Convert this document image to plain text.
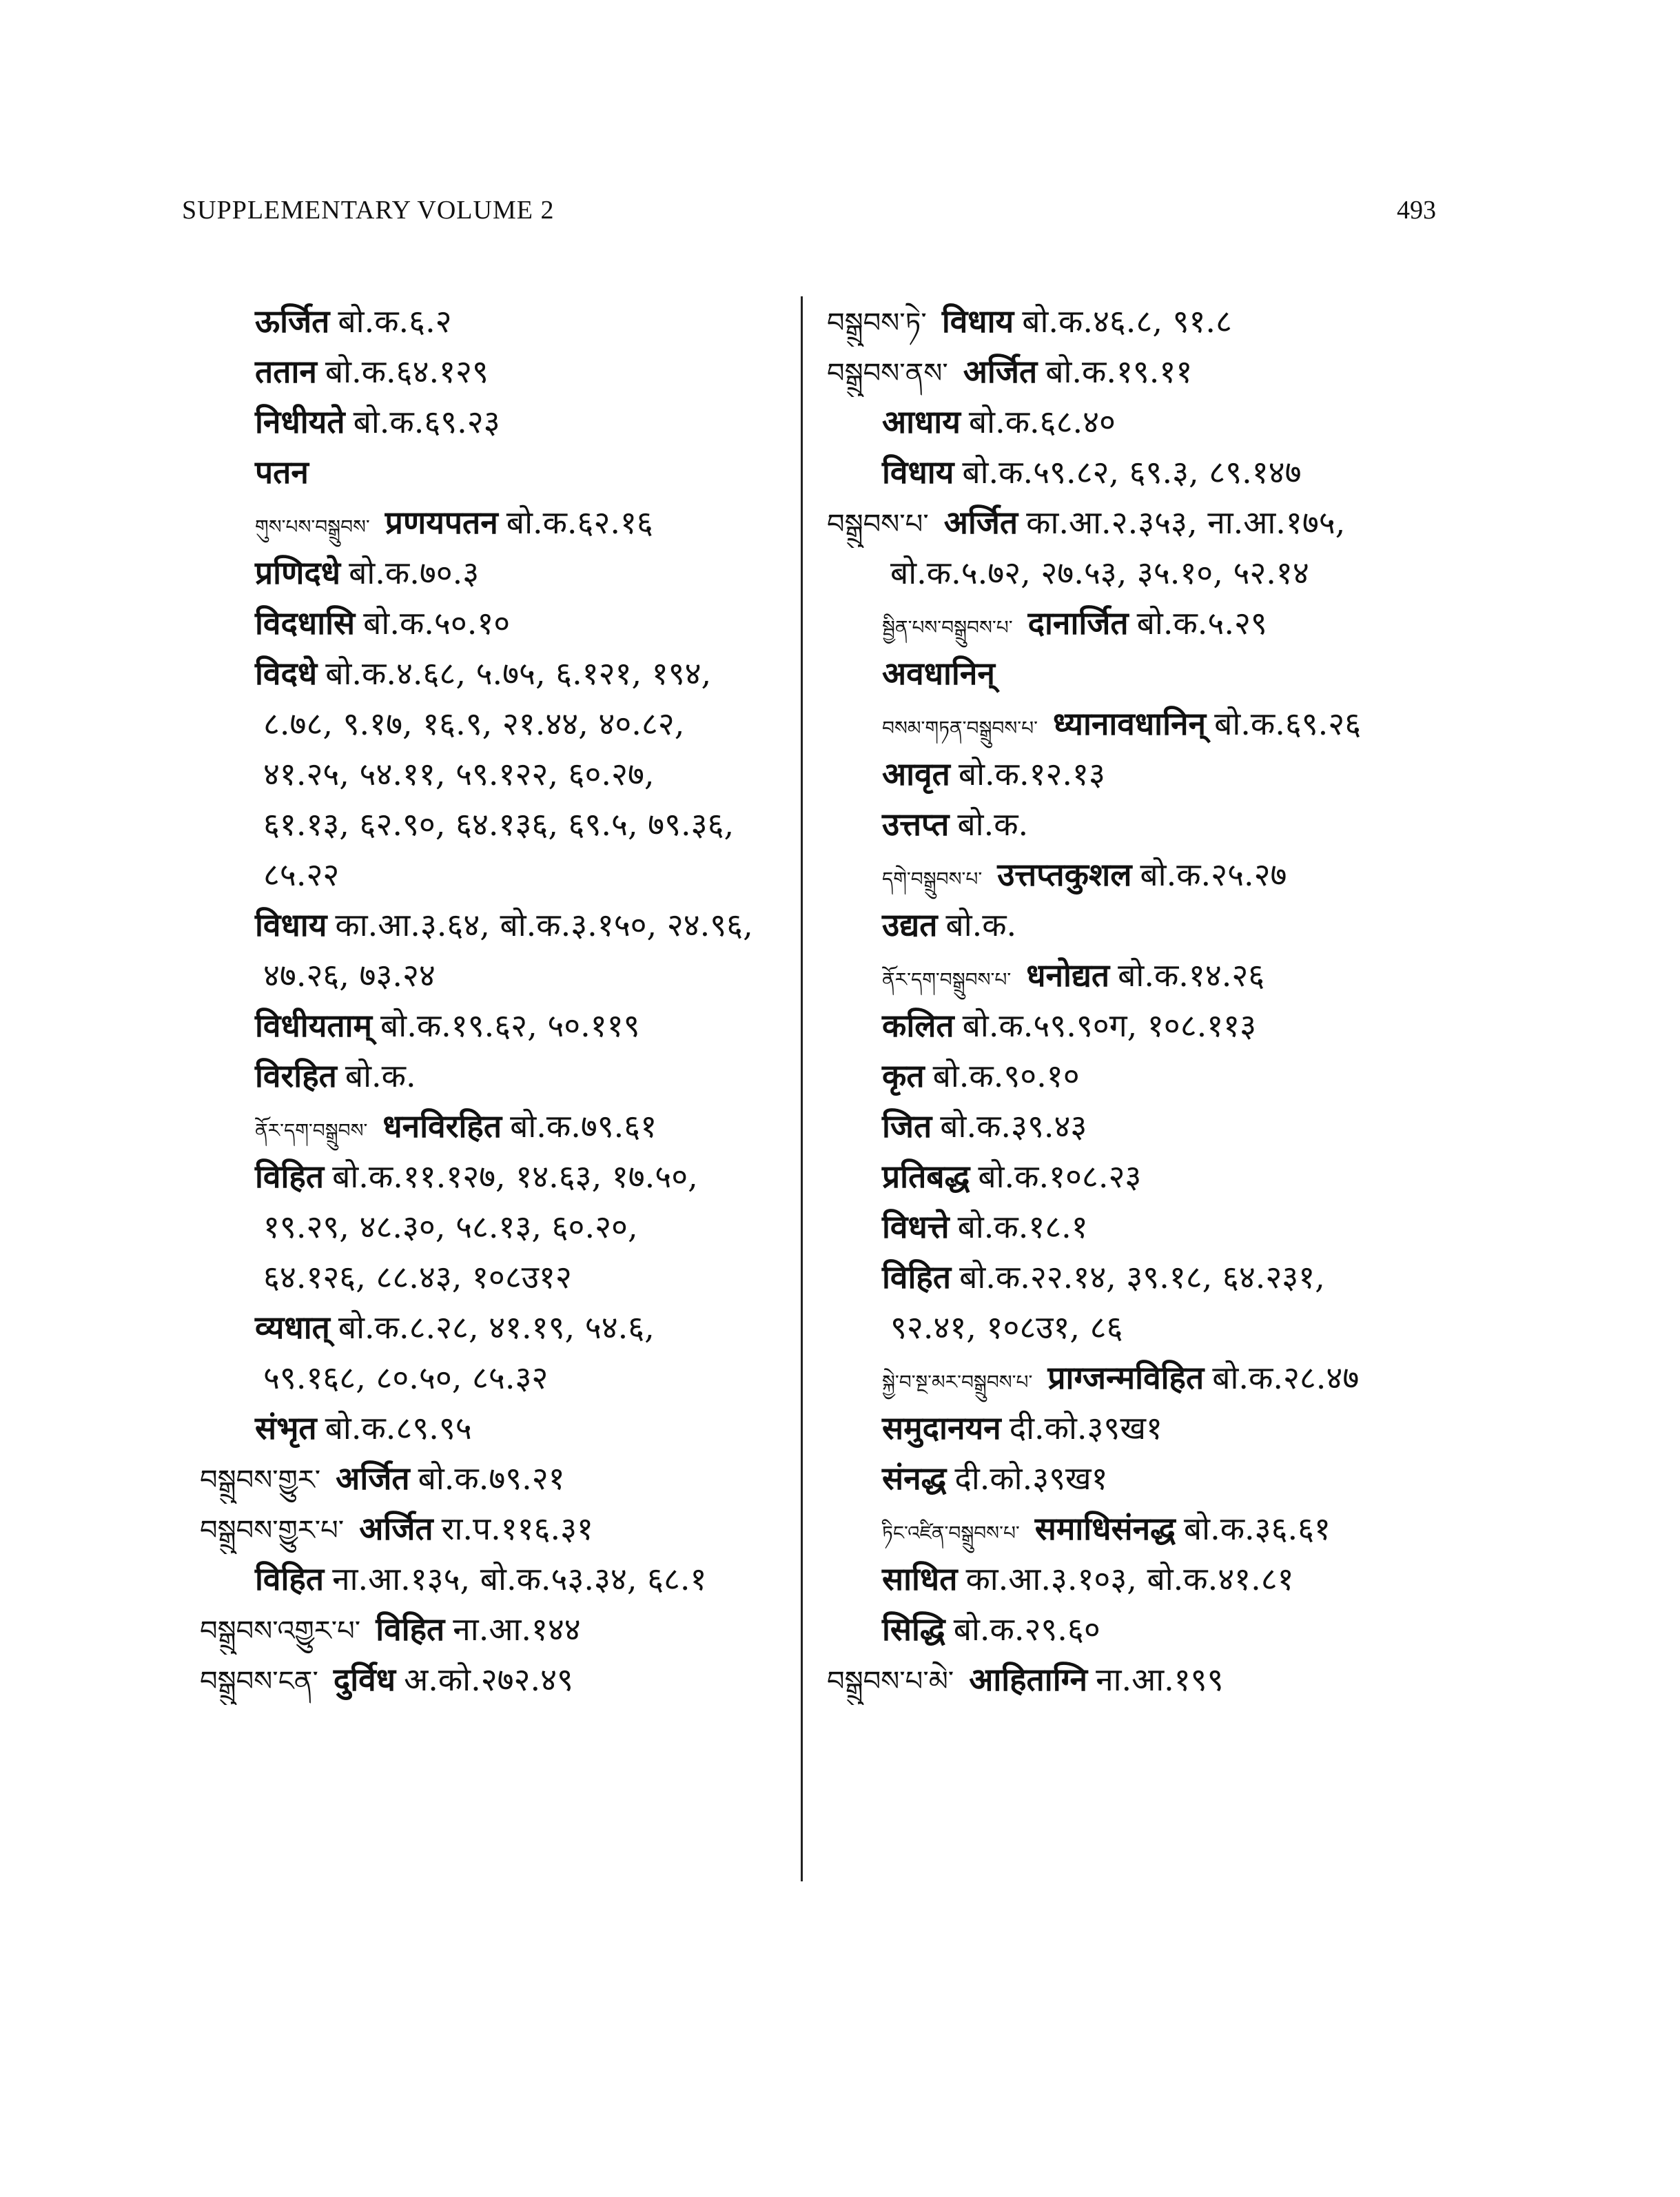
SUPPLEMENTARY VOLUME 2	493
ऊर्जित बो.क.६.२
ततान बो.क.६४.१२९
निधीयते बो.क.६९.२३
पतन
གུས་པས་བསྒྲུབས་ प्रणयपतन बो.क.६२.१६
प्रणिदधे बो.क.७०.३
विदधासि बो.क.५०.१०
विदधे बो.क.४.६८, ५.७५, ६.१२१, १९४,
८.७८, ९.१७, १६.९, २१.४४, ४०.८२,
४१.२५, ५४.११, ५९.१२२, ६०.२७,
६१.१३, ६२.९०, ६४.१३६, ६९.५, ७९.३६,
८५.२२
विधाय का.आ.३.६४, बो.क.३.१५०, २४.९६,
४७.२६, ७३.२४
विधीयताम् बो.क.१९.६२, ५०.११९
विरहित बो.क.
ནོར་དག་བསྒྲུབས་ धनविरहित बो.क.७९.६१
विहित बो.क.११.१२७, १४.६३, १७.५०,
१९.२९, ४८.३०, ५८.१३, ६०.२०,
६४.१२६, ८८.४३, १०८उ१२
व्यधात् बो.क.८.२८, ४१.१९, ५४.६,
५९.१६८, ८०.५०, ८५.३२
संभृत बो.क.८९.९५
བསྒྲུབས་གྱུར་ अर्जित बो.क.७९.२१
བསྒྲུབས་གྱུར་པ་ अर्जित रा.प.११६.३१
विहित ना.आ.१३५, बो.क.५३.३४, ६८.१
བསྒྲུབས་འགྱུར་པ་ विहित ना.आ.१४४
བསྒྲུབས་ངན་ दुर्विध अ.को.२७२.४९
བསྒྲུབས་ཏེ་ विधाय बो.क.४६.८, ९१.८
བསྒྲུབས་ནས་ अर्जित बो.क.१९.११
आधाय बो.क.६८.४०
विधाय बो.क.५९.८२, ६९.३, ८९.१४७
བསྒྲུབས་པ་ अर्जित का.आ.२.३५३, ना.आ.१७५,
बो.क.५.७२, २७.५३, ३५.१०, ५२.१४
སྦྱིན་པས་བསྒྲུབས་པ་ दानार्जित बो.क.५.२९
अवधानिन्
བསམ་གཏན་བསྒྲུབས་པ་ ध्यानावधानिन् बो.क.६९.२६
आवृत बो.क.१२.१३
उत्तप्त बो.क.
དགེ་བསྒྲུབས་པ་ उत्तप्तकुशल बो.क.२५.२७
उद्यत बो.क.
ནོར་དག་བསྒྲུབས་པ་ धनोद्यत बो.क.१४.२६
कलित बो.क.५९.९०ग, १०८.११३
कृत बो.क.९०.१०
जित बो.क.३९.४३
प्रतिबद्ध बो.क.१०८.२३
विधत्ते बो.क.१८.१
विहित बो.क.२२.१४, ३९.१८, ६४.२३१,
९२.४१, १०८उ१, ८६
སྐྱེ་བ་སྔ་མར་བསྒྲུབས་པ་ प्राग्जन्मविहित बो.क.२८.४७
समुदानयन दी.को.३९ख१
संनद्ध दी.को.३९ख१
ཏིང་འཛིན་བསྒྲུབས་པ་ समाधिसंनद्ध बो.क.३६.६१
साधित का.आ.३.१०३, बो.क.४१.८१
सिद्धि बो.क.२९.६०
བསྒྲུབས་པ་མེ་ आहिताग्नि ना.आ.१९९
